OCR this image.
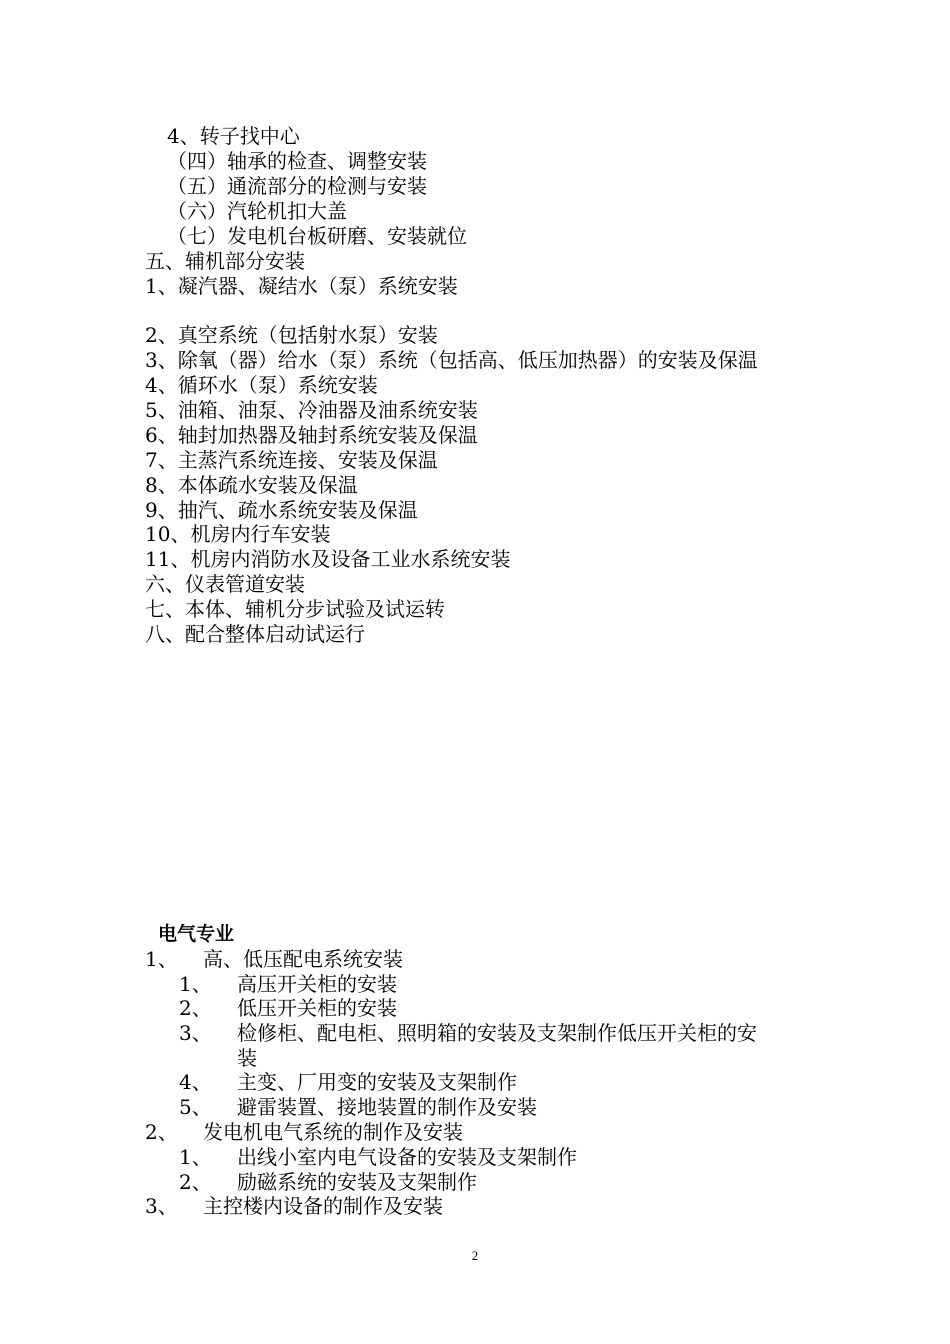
4、转子找中心
（四）轴承的检查、调整安装
（五）通流部分的检测与安装
（六）汽轮机扣大盖
（七）发电机台板研磨、安装就位
五、辅机部分安装
1、凝汽器、凝结水（泵）系统安装
2、真空系统（包括射水泵）安装
3、除氧（器）给水（泵）系统（包括高、低压加热器）的安装及保温
4、循环水（泵）系统安装
5、油箱、油泵、冷油器及油系统安装
6、轴封加热器及轴封系统安装及保温
7、主蒸汽系统连接、安装及保温
8、本体疏水安装及保温
9、抽汽、疏水系统安装及保温
10、机房内行车安装
11、机房内消防水及设备工业水系统安装
六、仪表管道安装
七、本体、辅机分步试验及试运转
八、配合整体启动试运行
电气专业
1、 高、低压配电系统安装
1、 高压开关柜的安装
2、 低压开关柜的安装
3、 检修柜、配电柜、照明箱的安装及支架制作低压开关柜的安
装
4、 主变、厂用变的安装及支架制作
5、 避雷装置、接地装置的制作及安装
2、 发电机电气系统的制作及安装
1、 出线小室内电气设备的安装及支架制作
2、 励磁系统的安装及支架制作
3、 主控楼内设备的制作及安装
2
